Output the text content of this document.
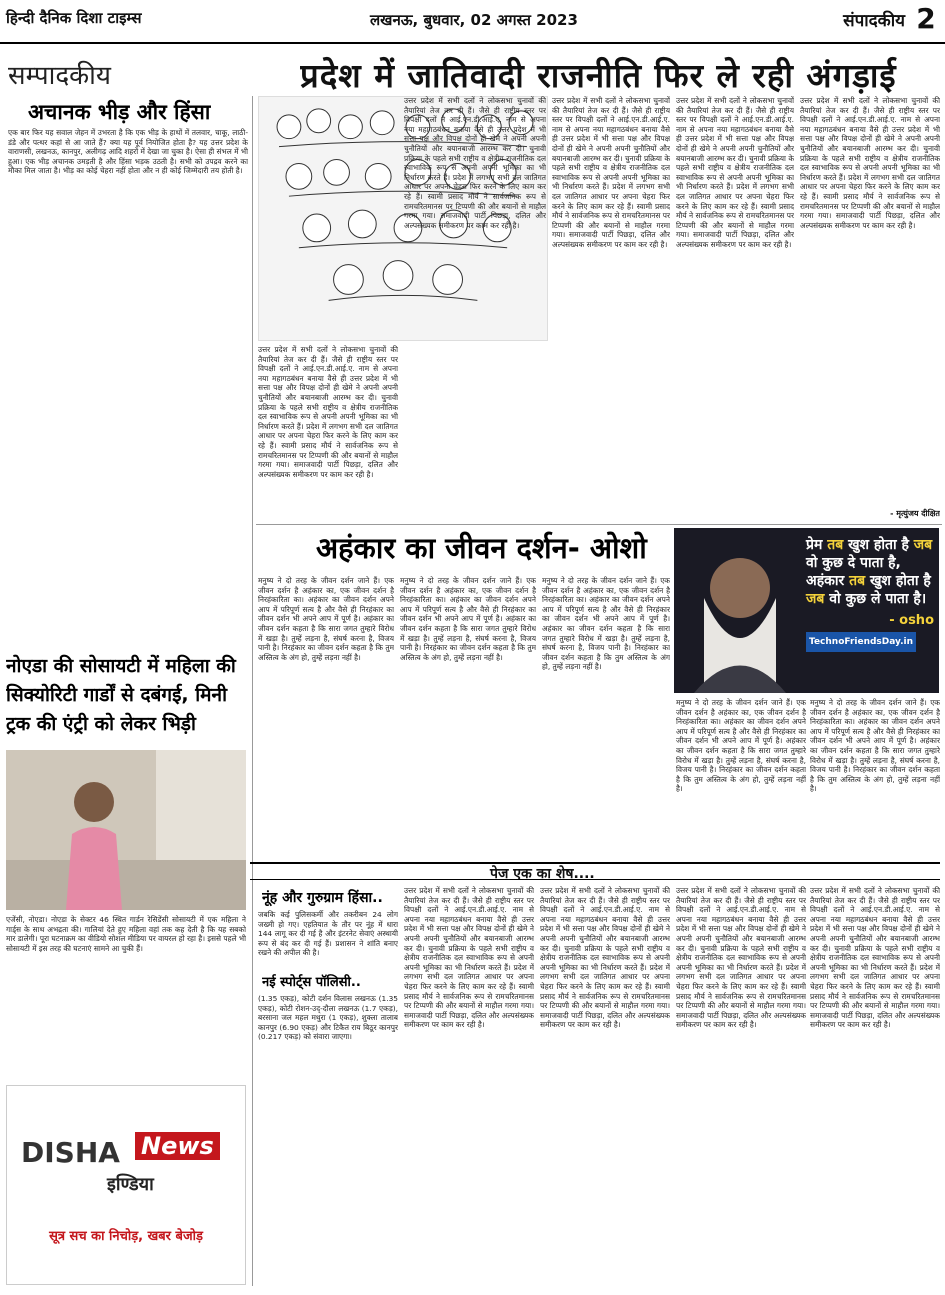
हिन्दी दैनिक दिशा टाइम्स	लखनऊ, बुधवार, 02 अगस्त 2023	संपादकीय 2
सम्पादकीय	प्रदेश में जातिवादी राजनीति फिर ले रही अंगड़ाई
अचानक भीड़ और हिंसा
एक बार फिर यह सवाल जेहन में उभरता है कि एक भीड़ के हाथों में तलवार, चाकू, लाठी-डंडे और पत्थर कहां से आ जाते हैं? क्या यह पूर्व नियोजित होता है? यह उत्तर प्रदेश के वाराणसी, लखनऊ, कानपुर, अलीगढ़ आदि शहरों में देखा जा चुका है। ऐसा ही संभल में भी हुआ। एक भीड़ अचानक उमड़ती है और हिंसा भड़क उठती है। सभी को उपद्रव करने का मौका मिल जाता है। भीड़ का कोई चेहरा नहीं होता और न ही कोई जिम्मेदारी तय होती है।
नोएडा की सोसायटी में महिला की सिक्योरिटी गार्डों से दबंगई, मिनी ट्रक की एंट्री को लेकर भिड़ी
एजेंसी, नोएडा। नोएडा के सेक्टर 46 स्थित गार्डन रेसिडेंसी सोसायटी में एक महिला ने गार्ड्स के साथ अभद्रता की। गालियां देते हुए महिला वहां तक कह देती है कि यह सबको मार डालेगी। पूरा घटनाक्रम का वीडियो सोशल मीडिया पर वायरल हो रहा है। इससे पहले भी सोसायटी में इस तरह की घटनाएं सामने आ चुकी हैं।
DISHA News
इण्डिया
सूत्र सच का निचोड़, खबर बेजोड़
उत्तर प्रदेश में सभी दलों ने लोकसभा चुनावों की तैयारियां तेज कर दी हैं। जैसे ही राष्ट्रीय स्तर पर विपक्षी दलों ने आई.एन.डी.आई.ए. नाम से अपना नया महागठबंधन बनाया वैसे ही उत्तर प्रदेश में भी सत्ता पक्ष और विपक्ष दोनों ही खेमे ने अपनी अपनी चुनौतियों और बयानबाजी आरम्भ कर दी। चुनावी प्रक्रिया के पहले सभी राष्ट्रीय व क्षेत्रीय राजनीतिक दल स्वाभाविक रूप से अपनी अपनी भूमिका का भी निर्धारण करते हैं। प्रदेश में लगभग सभी दल जातिगत आधार पर अपना चेहरा फिर करने के लिए काम कर रहे हैं। स्वामी प्रसाद मौर्य ने सार्वजनिक रूप से रामचरितमानस पर टिप्पणी की और बयानों से माहौल गरमा गया। समाजवादी पार्टी पिछड़ा, दलित और अल्पसंख्यक समीकरण पर काम कर रही है।
उत्तर प्रदेश में सभी दलों ने लोकसभा चुनावों की तैयारियां तेज कर दी हैं। जैसे ही राष्ट्रीय स्तर पर विपक्षी दलों ने आई.एन.डी.आई.ए. नाम से अपना नया महागठबंधन बनाया वैसे ही उत्तर प्रदेश में भी सत्ता पक्ष और विपक्ष दोनों ही खेमे ने अपनी अपनी चुनौतियों और बयानबाजी आरम्भ कर दी। चुनावी प्रक्रिया के पहले सभी राष्ट्रीय व क्षेत्रीय राजनीतिक दल स्वाभाविक रूप से अपनी अपनी भूमिका का भी निर्धारण करते हैं। प्रदेश में लगभग सभी दल जातिगत आधार पर अपना चेहरा फिर करने के लिए काम कर रहे हैं। स्वामी प्रसाद मौर्य ने सार्वजनिक रूप से रामचरितमानस पर टिप्पणी की और बयानों से माहौल गरमा गया। समाजवादी पार्टी पिछड़ा, दलित और अल्पसंख्यक समीकरण पर काम कर रही है।
उत्तर प्रदेश में सभी दलों ने लोकसभा चुनावों की तैयारियां तेज कर दी हैं। जैसे ही राष्ट्रीय स्तर पर विपक्षी दलों ने आई.एन.डी.आई.ए. नाम से अपना नया महागठबंधन बनाया वैसे ही उत्तर प्रदेश में भी सत्ता पक्ष और विपक्ष दोनों ही खेमे ने अपनी अपनी चुनौतियों और बयानबाजी आरम्भ कर दी। चुनावी प्रक्रिया के पहले सभी राष्ट्रीय व क्षेत्रीय राजनीतिक दल स्वाभाविक रूप से अपनी अपनी भूमिका का भी निर्धारण करते हैं। प्रदेश में लगभग सभी दल जातिगत आधार पर अपना चेहरा फिर करने के लिए काम कर रहे हैं। स्वामी प्रसाद मौर्य ने सार्वजनिक रूप से रामचरितमानस पर टिप्पणी की और बयानों से माहौल गरमा गया। समाजवादी पार्टी पिछड़ा, दलित और अल्पसंख्यक समीकरण पर काम कर रही है।
उत्तर प्रदेश में सभी दलों ने लोकसभा चुनावों की तैयारियां तेज कर दी हैं। जैसे ही राष्ट्रीय स्तर पर विपक्षी दलों ने आई.एन.डी.आई.ए. नाम से अपना नया महागठबंधन बनाया वैसे ही उत्तर प्रदेश में भी सत्ता पक्ष और विपक्ष दोनों ही खेमे ने अपनी अपनी चुनौतियों और बयानबाजी आरम्भ कर दी। चुनावी प्रक्रिया के पहले सभी राष्ट्रीय व क्षेत्रीय राजनीतिक दल स्वाभाविक रूप से अपनी अपनी भूमिका का भी निर्धारण करते हैं। प्रदेश में लगभग सभी दल जातिगत आधार पर अपना चेहरा फिर करने के लिए काम कर रहे हैं। स्वामी प्रसाद मौर्य ने सार्वजनिक रूप से रामचरितमानस पर टिप्पणी की और बयानों से माहौल गरमा गया। समाजवादी पार्टी पिछड़ा, दलित और अल्पसंख्यक समीकरण पर काम कर रही है।
उत्तर प्रदेश में सभी दलों ने लोकसभा चुनावों की तैयारियां तेज कर दी हैं। जैसे ही राष्ट्रीय स्तर पर विपक्षी दलों ने आई.एन.डी.आई.ए. नाम से अपना नया महागठबंधन बनाया वैसे ही उत्तर प्रदेश में भी सत्ता पक्ष और विपक्ष दोनों ही खेमे ने अपनी अपनी चुनौतियों और बयानबाजी आरम्भ कर दी। चुनावी प्रक्रिया के पहले सभी राष्ट्रीय व क्षेत्रीय राजनीतिक दल स्वाभाविक रूप से अपनी अपनी भूमिका का भी निर्धारण करते हैं। प्रदेश में लगभग सभी दल जातिगत आधार पर अपना चेहरा फिर करने के लिए काम कर रहे हैं। स्वामी प्रसाद मौर्य ने सार्वजनिक रूप से रामचरितमानस पर टिप्पणी की और बयानों से माहौल गरमा गया। समाजवादी पार्टी पिछड़ा, दलित और अल्पसंख्यक समीकरण पर काम कर रही है।
- मृत्युंजय दीक्षित
अहंकार का जीवन दर्शन- ओशो
मनुष्य ने दो तरह के जीवन दर्शन जाने हैं। एक जीवन दर्शन है अहंकार का, एक जीवन दर्शन है निरहंकारिता का। अहंकार का जीवन दर्शन अपने आप में परिपूर्ण सत्य है और वैसे ही निरहंकार का जीवन दर्शन भी अपने आप में पूर्ण है। अहंकार का जीवन दर्शन कहता है कि सारा जगत तुम्हारे विरोध में खड़ा है। तुम्हें लड़ना है, संघर्ष करना है, विजय पानी है। निरहंकार का जीवन दर्शन कहता है कि तुम अस्तित्व के अंग हो, तुम्हें लड़ना नहीं है।
मनुष्य ने दो तरह के जीवन दर्शन जाने हैं। एक जीवन दर्शन है अहंकार का, एक जीवन दर्शन है निरहंकारिता का। अहंकार का जीवन दर्शन अपने आप में परिपूर्ण सत्य है और वैसे ही निरहंकार का जीवन दर्शन भी अपने आप में पूर्ण है। अहंकार का जीवन दर्शन कहता है कि सारा जगत तुम्हारे विरोध में खड़ा है। तुम्हें लड़ना है, संघर्ष करना है, विजय पानी है। निरहंकार का जीवन दर्शन कहता है कि तुम अस्तित्व के अंग हो, तुम्हें लड़ना नहीं है।
मनुष्य ने दो तरह के जीवन दर्शन जाने हैं। एक जीवन दर्शन है अहंकार का, एक जीवन दर्शन है निरहंकारिता का। अहंकार का जीवन दर्शन अपने आप में परिपूर्ण सत्य है और वैसे ही निरहंकार का जीवन दर्शन भी अपने आप में पूर्ण है। अहंकार का जीवन दर्शन कहता है कि सारा जगत तुम्हारे विरोध में खड़ा है। तुम्हें लड़ना है, संघर्ष करना है, विजय पानी है। निरहंकार का जीवन दर्शन कहता है कि तुम अस्तित्व के अंग हो, तुम्हें लड़ना नहीं है।
मनुष्य ने दो तरह के जीवन दर्शन जाने हैं। एक जीवन दर्शन है अहंकार का, एक जीवन दर्शन है निरहंकारिता का। अहंकार का जीवन दर्शन अपने आप में परिपूर्ण सत्य है और वैसे ही निरहंकार का जीवन दर्शन भी अपने आप में पूर्ण है। अहंकार का जीवन दर्शन कहता है कि सारा जगत तुम्हारे विरोध में खड़ा है। तुम्हें लड़ना है, संघर्ष करना है, विजय पानी है। निरहंकार का जीवन दर्शन कहता है कि तुम अस्तित्व के अंग हो, तुम्हें लड़ना नहीं है।
मनुष्य ने दो तरह के जीवन दर्शन जाने हैं। एक जीवन दर्शन है अहंकार का, एक जीवन दर्शन है निरहंकारिता का। अहंकार का जीवन दर्शन अपने आप में परिपूर्ण सत्य है और वैसे ही निरहंकार का जीवन दर्शन भी अपने आप में पूर्ण है। अहंकार का जीवन दर्शन कहता है कि सारा जगत तुम्हारे विरोध में खड़ा है। तुम्हें लड़ना है, संघर्ष करना है, विजय पानी है। निरहंकार का जीवन दर्शन कहता है कि तुम अस्तित्व के अंग हो, तुम्हें लड़ना नहीं है।
प्रेम तब खुश होता है जब वो कुछ दे पाता है, अहंकार तब खुश होता है जब वो कुछ ले पाता है।
- osho
TechnoFriendsDay.in
पेज एक का शेष....
नूंह और गुरुग्राम हिंसा..
जबकि कई पुलिसकर्मी और तकरीबन 24 लोग जख्मी हो गए। एहतियात के तौर पर नूंह में धारा 144 लागू कर दी गई है और इंटरनेट सेवाएं अस्थायी रूप से बंद कर दी गई हैं। प्रशासन ने शांति बनाए रखने की अपील की है।
नई स्पोर्ट्स पॉलिसी..
(1.35 एकड़), कोटी दर्शन विलास लखनऊ (1.35 एकड़), कोटी रोशन-उद्-दौला लखनऊ (1.7 एकड़), बरसाना जल महल मथुरा (1 एकड़), शुक्ला तालाब कानपुर (6.90 एकड़) और टिकैत राय बिठूर कानपुर (0.217 एकड़) को संवारा जाएगा।
उत्तर प्रदेश में सभी दलों ने लोकसभा चुनावों की तैयारियां तेज कर दी हैं। जैसे ही राष्ट्रीय स्तर पर विपक्षी दलों ने आई.एन.डी.आई.ए. नाम से अपना नया महागठबंधन बनाया वैसे ही उत्तर प्रदेश में भी सत्ता पक्ष और विपक्ष दोनों ही खेमे ने अपनी अपनी चुनौतियों और बयानबाजी आरम्भ कर दी। चुनावी प्रक्रिया के पहले सभी राष्ट्रीय व क्षेत्रीय राजनीतिक दल स्वाभाविक रूप से अपनी अपनी भूमिका का भी निर्धारण करते हैं। प्रदेश में लगभग सभी दल जातिगत आधार पर अपना चेहरा फिर करने के लिए काम कर रहे हैं। स्वामी प्रसाद मौर्य ने सार्वजनिक रूप से रामचरितमानस पर टिप्पणी की और बयानों से माहौल गरमा गया। समाजवादी पार्टी पिछड़ा, दलित और अल्पसंख्यक समीकरण पर काम कर रही है।
उत्तर प्रदेश में सभी दलों ने लोकसभा चुनावों की तैयारियां तेज कर दी हैं। जैसे ही राष्ट्रीय स्तर पर विपक्षी दलों ने आई.एन.डी.आई.ए. नाम से अपना नया महागठबंधन बनाया वैसे ही उत्तर प्रदेश में भी सत्ता पक्ष और विपक्ष दोनों ही खेमे ने अपनी अपनी चुनौतियों और बयानबाजी आरम्भ कर दी। चुनावी प्रक्रिया के पहले सभी राष्ट्रीय व क्षेत्रीय राजनीतिक दल स्वाभाविक रूप से अपनी अपनी भूमिका का भी निर्धारण करते हैं। प्रदेश में लगभग सभी दल जातिगत आधार पर अपना चेहरा फिर करने के लिए काम कर रहे हैं। स्वामी प्रसाद मौर्य ने सार्वजनिक रूप से रामचरितमानस पर टिप्पणी की और बयानों से माहौल गरमा गया। समाजवादी पार्टी पिछड़ा, दलित और अल्पसंख्यक समीकरण पर काम कर रही है।
उत्तर प्रदेश में सभी दलों ने लोकसभा चुनावों की तैयारियां तेज कर दी हैं। जैसे ही राष्ट्रीय स्तर पर विपक्षी दलों ने आई.एन.डी.आई.ए. नाम से अपना नया महागठबंधन बनाया वैसे ही उत्तर प्रदेश में भी सत्ता पक्ष और विपक्ष दोनों ही खेमे ने अपनी अपनी चुनौतियों और बयानबाजी आरम्भ कर दी। चुनावी प्रक्रिया के पहले सभी राष्ट्रीय व क्षेत्रीय राजनीतिक दल स्वाभाविक रूप से अपनी अपनी भूमिका का भी निर्धारण करते हैं। प्रदेश में लगभग सभी दल जातिगत आधार पर अपना चेहरा फिर करने के लिए काम कर रहे हैं। स्वामी प्रसाद मौर्य ने सार्वजनिक रूप से रामचरितमानस पर टिप्पणी की और बयानों से माहौल गरमा गया। समाजवादी पार्टी पिछड़ा, दलित और अल्पसंख्यक समीकरण पर काम कर रही है।
उत्तर प्रदेश में सभी दलों ने लोकसभा चुनावों की तैयारियां तेज कर दी हैं। जैसे ही राष्ट्रीय स्तर पर विपक्षी दलों ने आई.एन.डी.आई.ए. नाम से अपना नया महागठबंधन बनाया वैसे ही उत्तर प्रदेश में भी सत्ता पक्ष और विपक्ष दोनों ही खेमे ने अपनी अपनी चुनौतियों और बयानबाजी आरम्भ कर दी। चुनावी प्रक्रिया के पहले सभी राष्ट्रीय व क्षेत्रीय राजनीतिक दल स्वाभाविक रूप से अपनी अपनी भूमिका का भी निर्धारण करते हैं। प्रदेश में लगभग सभी दल जातिगत आधार पर अपना चेहरा फिर करने के लिए काम कर रहे हैं। स्वामी प्रसाद मौर्य ने सार्वजनिक रूप से रामचरितमानस पर टिप्पणी की और बयानों से माहौल गरमा गया। समाजवादी पार्टी पिछड़ा, दलित और अल्पसंख्यक समीकरण पर काम कर रही है।
